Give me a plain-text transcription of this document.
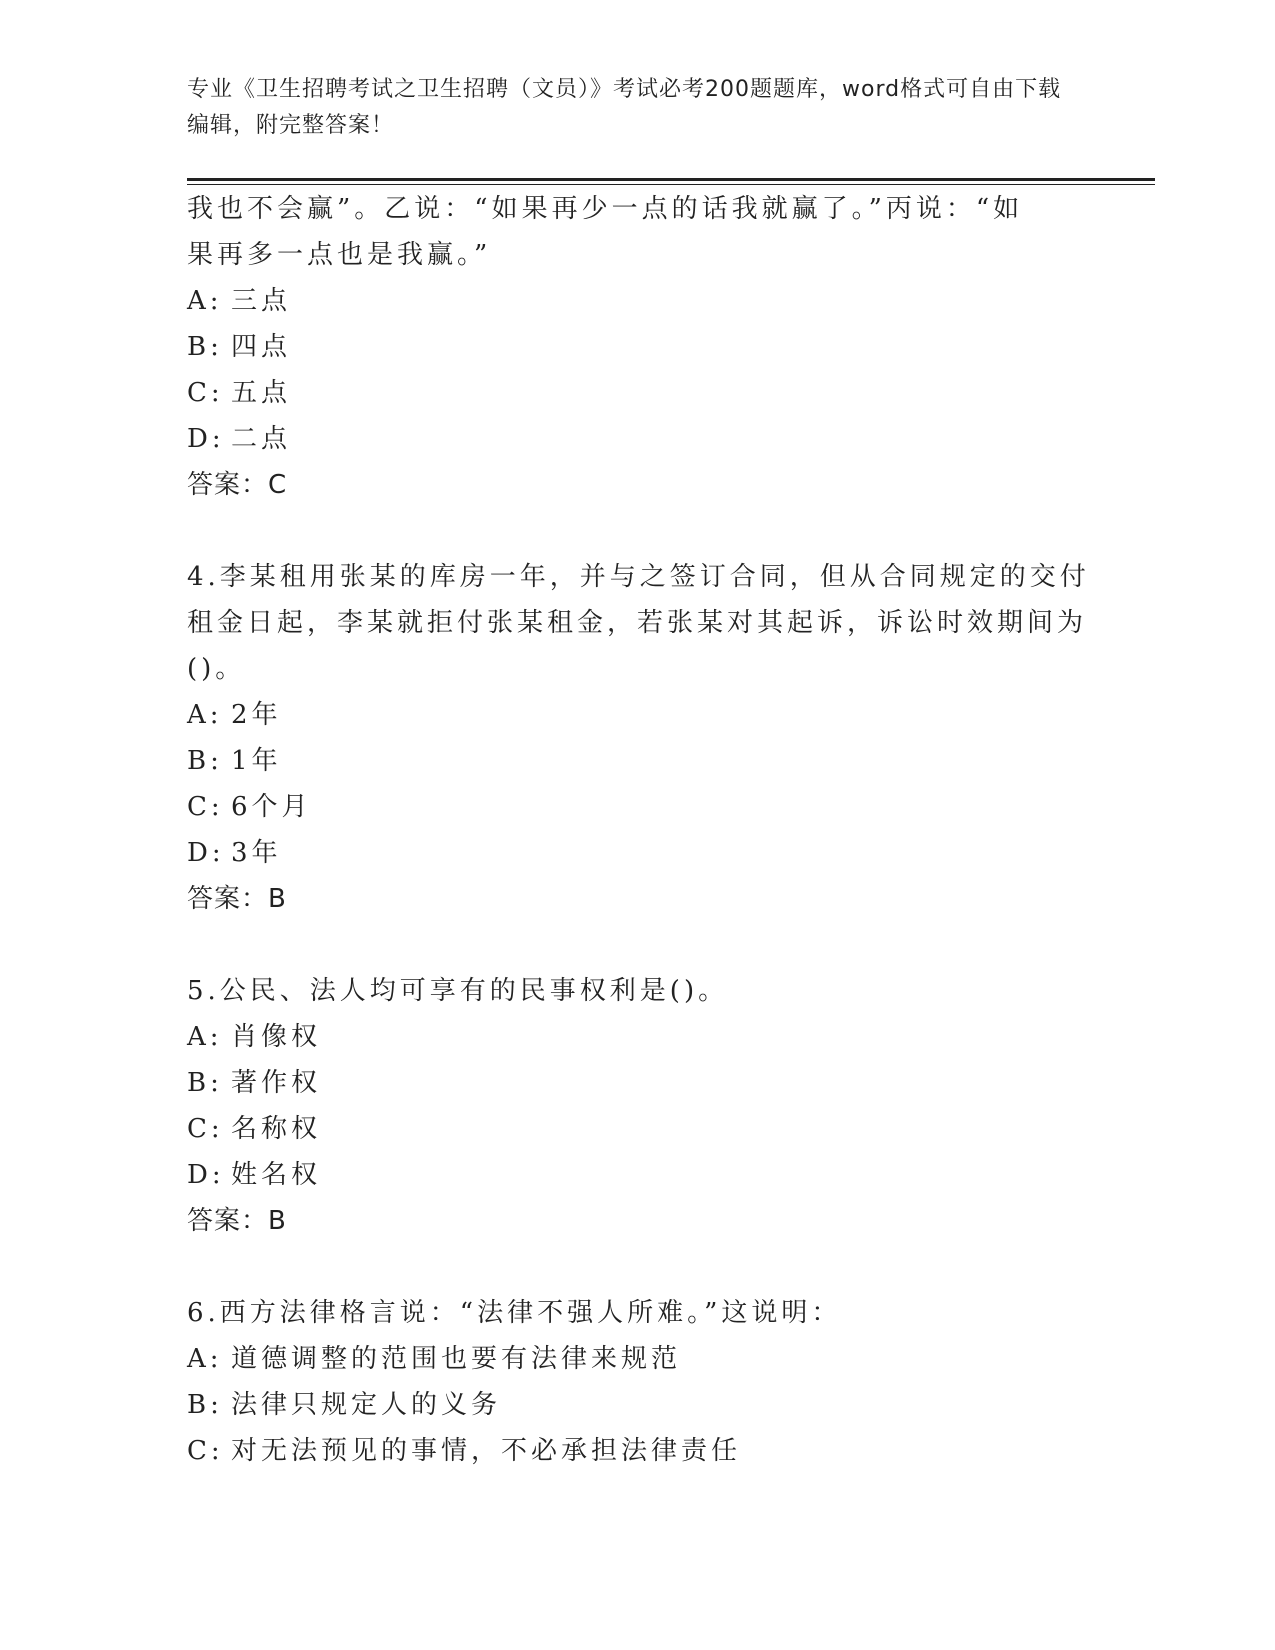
专业《卫生招聘考试之卫生招聘（文员）》考试必考200题题库，word格式可自由下载编辑，附完整答案！
我也不会赢”。乙说：“如果再少一点的话我就赢了。”丙说：“如
果再多一点也是我赢。”
A: 三点
B: 四点
C: 五点
D: 二点
答案：C
4.李某租用张某的库房一年，并与之签订合同，但从合同规定的交付
租金日起，李某就拒付张某租金，若张某对其起诉，诉讼时效期间为
()。
A: 2年
B: 1年
C: 6个月
D: 3年
答案：B
5.公民、法人均可享有的民事权利是()。
A: 肖像权
B: 著作权
C: 名称权
D: 姓名权
答案：B
6.西方法律格言说：“法律不强人所难。”这说明：
A: 道德调整的范围也要有法律来规范
B: 法律只规定人的义务
C: 对无法预见的事情，不必承担法律责任
